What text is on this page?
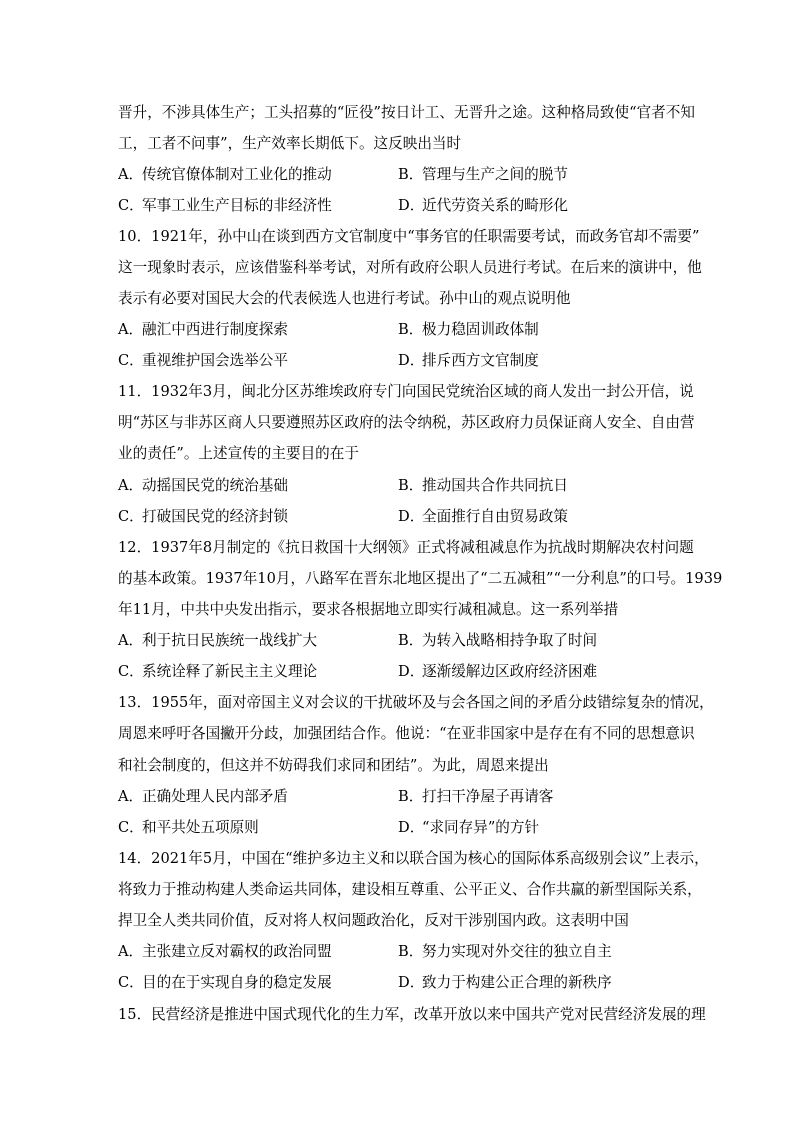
晋升，不涉具体生产；工头招募的“匠役”按日计工、无晋升之途。这种格局致使“官者不知
工，工者不问事”，生产效率长期低下。这反映出当时
A．传统官僚体制对工业化的推动	B．管理与生产之间的脱节
C．军事工业生产目标的非经济性	D．近代劳资关系的畸形化
10．1921年，孙中山在谈到西方文官制度中“事务官的任职需要考试，而政务官却不需要”
这一现象时表示，应该借鉴科举考试，对所有政府公职人员进行考试。在后来的演讲中，他
表示有必要对国民大会的代表候选人也进行考试。孙中山的观点说明他
A．融汇中西进行制度探索	B．极力稳固训政体制
C．重视维护国会选举公平	D．排斥西方文官制度
11．1932年3月，闽北分区苏维埃政府专门向国民党统治区域的商人发出一封公开信，说
明“苏区与非苏区商人只要遵照苏区政府的法令纳税，苏区政府力员保证商人安全、自由营
业的责任”。上述宣传的主要目的在于
A．动摇国民党的统治基础	B．推动国共合作共同抗日
C．打破国民党的经济封锁	D．全面推行自由贸易政策
12．1937年8月制定的《抗日救国十大纲领》正式将减租减息作为抗战时期解决农村问题
的基本政策。1937年10月，八路军在晋东北地区提出了“二五减租”“一分利息”的口号。1939
年11月，中共中央发出指示，要求各根据地立即实行减租减息。这一系列举措
A．利于抗日民族统一战线扩大	B．为转入战略相持争取了时间
C．系统诠释了新民主主义理论	D．逐渐缓解边区政府经济困难
13．1955年，面对帝国主义对会议的干扰破坏及与会各国之间的矛盾分歧错综复杂的情况，
周恩来呼吁各国撇开分歧，加强团结合作。他说：“在亚非国家中是存在有不同的思想意识
和社会制度的，但这并不妨碍我们求同和团结”。为此，周恩来提出
A．正确处理人民内部矛盾	B．打扫干净屋子再请客
C．和平共处五项原则	D．“求同存异”的方针
14．2021年5月，中国在“维护多边主义和以联合国为核心的国际体系高级别会议”上表示，
将致力于推动构建人类命运共同体，建设相互尊重、公平正义、合作共赢的新型国际关系，
捍卫全人类共同价值，反对将人权问题政治化，反对干涉别国内政。这表明中国
A．主张建立反对霸权的政治同盟	B．努力实现对外交往的独立自主
C．目的在于实现自身的稳定发展	D．致力于构建公正合理的新秩序
15．民营经济是推进中国式现代化的生力军，改革开放以来中国共产党对民营经济发展的理
